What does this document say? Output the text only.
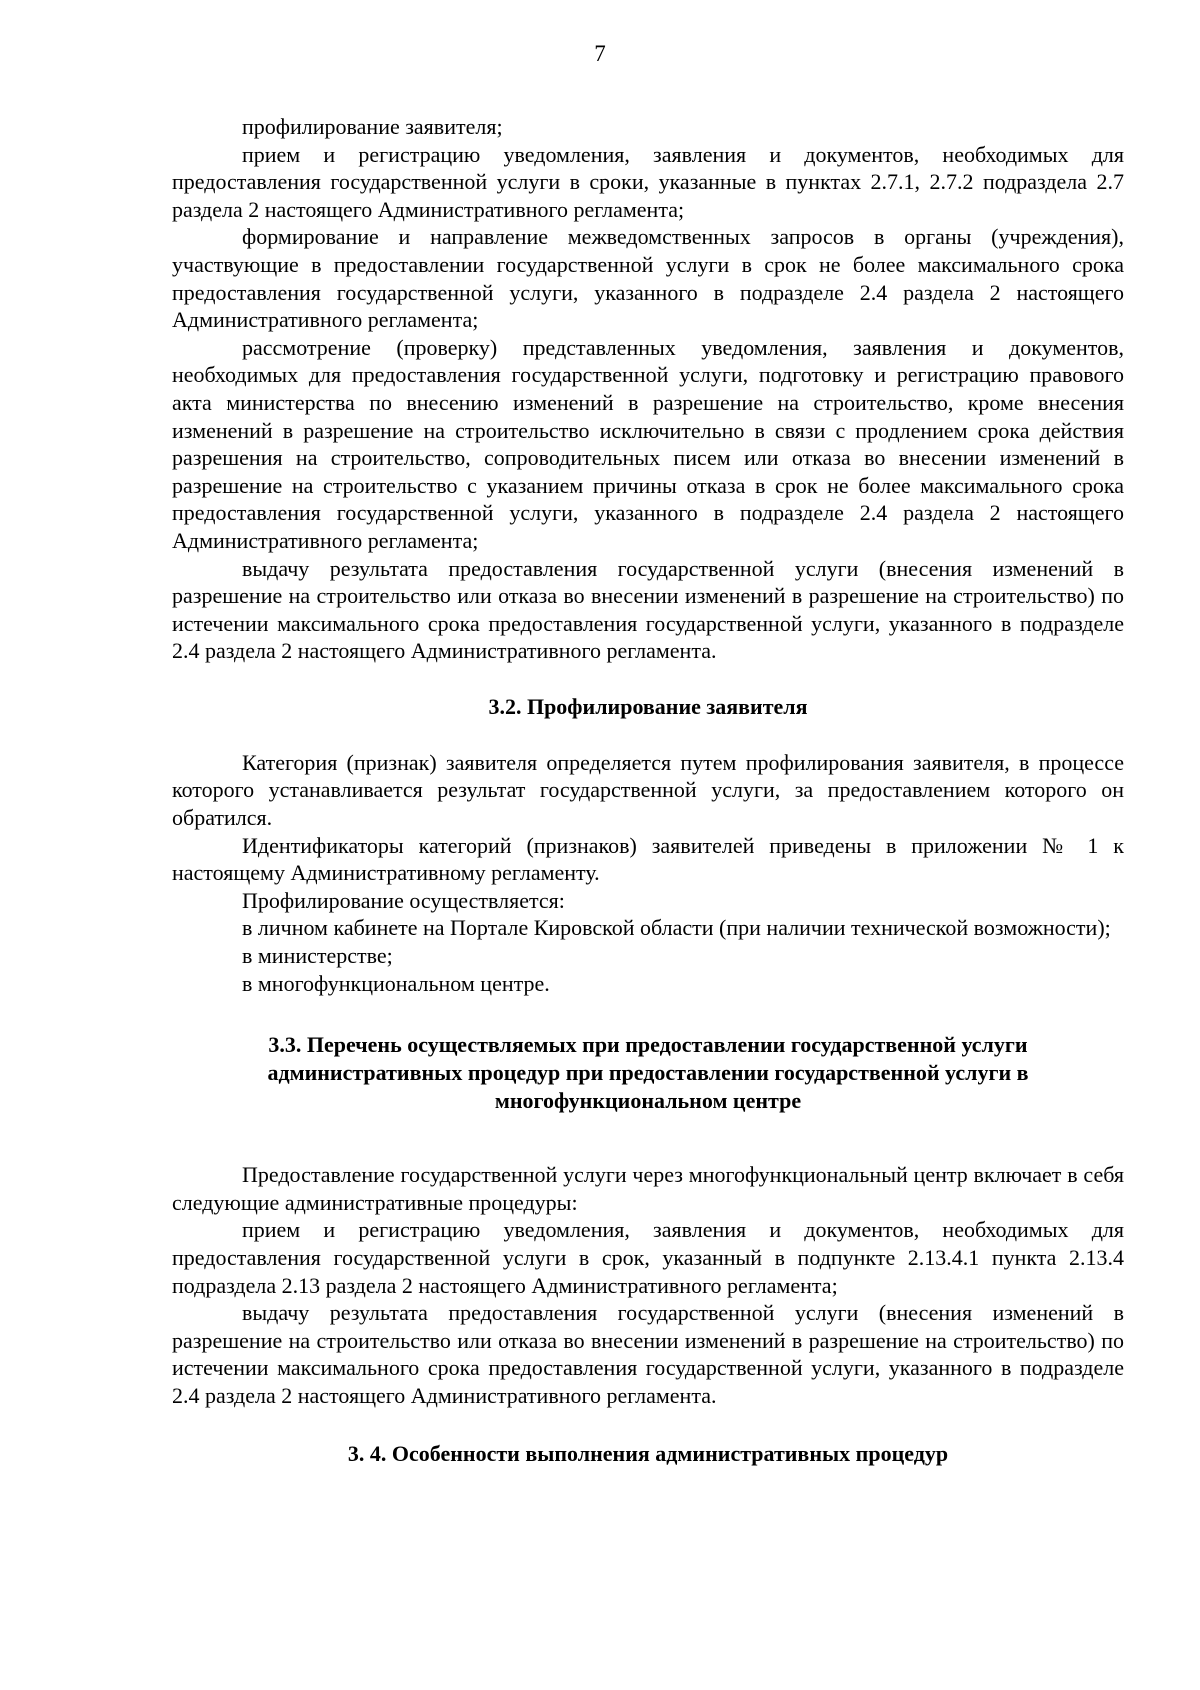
7

профилирование заявителя;

прием и регистрацию уведомления, заявления и документов, необходимых для предоставления государственной услуги в сроки, указанные в пунктах 2.7.1, 2.7.2 подраздела 2.7 раздела 2 настоящего Административного регламента;

формирование и направление межведомственных запросов в органы (учреждения), участвующие в предоставлении государственной услуги в срок не более максимального срока предоставления государственной услуги, указанного в подразделе 2.4 раздела 2 настоящего Административного регламента;

рассмотрение (проверку) представленных уведомления, заявления и документов, необходимых для предоставления государственной услуги, подготовку и регистрацию правового акта министерства по внесению изменений в разрешение на строительство, кроме внесения изменений в разрешение на строительство исключительно в связи с продлением срока действия разрешения на строительство, сопроводительных писем или отказа во внесении изменений в разрешение на строительство с указанием причины отказа в срок не более максимального срока предоставления государственной услуги, указанного в подразделе 2.4 раздела 2 настоящего Административного регламента;

выдачу результата предоставления государственной услуги (внесения изменений в разрешение на строительство или отказа во внесении изменений в разрешение на строительство) по истечении максимального срока предоставления государственной услуги, указанного в подразделе 2.4 раздела 2 настоящего Административного регламента.

3.2. Профилирование заявителя

Категория (признак) заявителя определяется путем профилирования заявителя, в процессе которого устанавливается результат государственной услуги, за предоставлением которого он обратился.

Идентификаторы категорий (признаков) заявителей приведены в приложении № 1 к настоящему Административному регламенту.

Профилирование осуществляется:

в личном кабинете на Портале Кировской области (при наличии технической возможности);

в министерстве;

в многофункциональном центре.

3.3. Перечень осуществляемых при предоставлении государственной услуги
административных процедур при предоставлении государственной услуги в
многофункциональном центре

Предоставление государственной услуги через многофункциональный центр включает в себя следующие административные процедуры:

прием и регистрацию уведомления, заявления и документов, необходимых для предоставления государственной услуги в срок, указанный в подпункте 2.13.4.1 пункта 2.13.4 подраздела 2.13 раздела 2 настоящего Административного регламента;

выдачу результата предоставления государственной услуги (внесения изменений в разрешение на строительство или отказа во внесении изменений в разрешение на строительство) по истечении максимального срока предоставления государственной услуги, указанного в подразделе 2.4 раздела 2 настоящего Административного регламента.

3. 4. Особенности выполнения административных процедур
